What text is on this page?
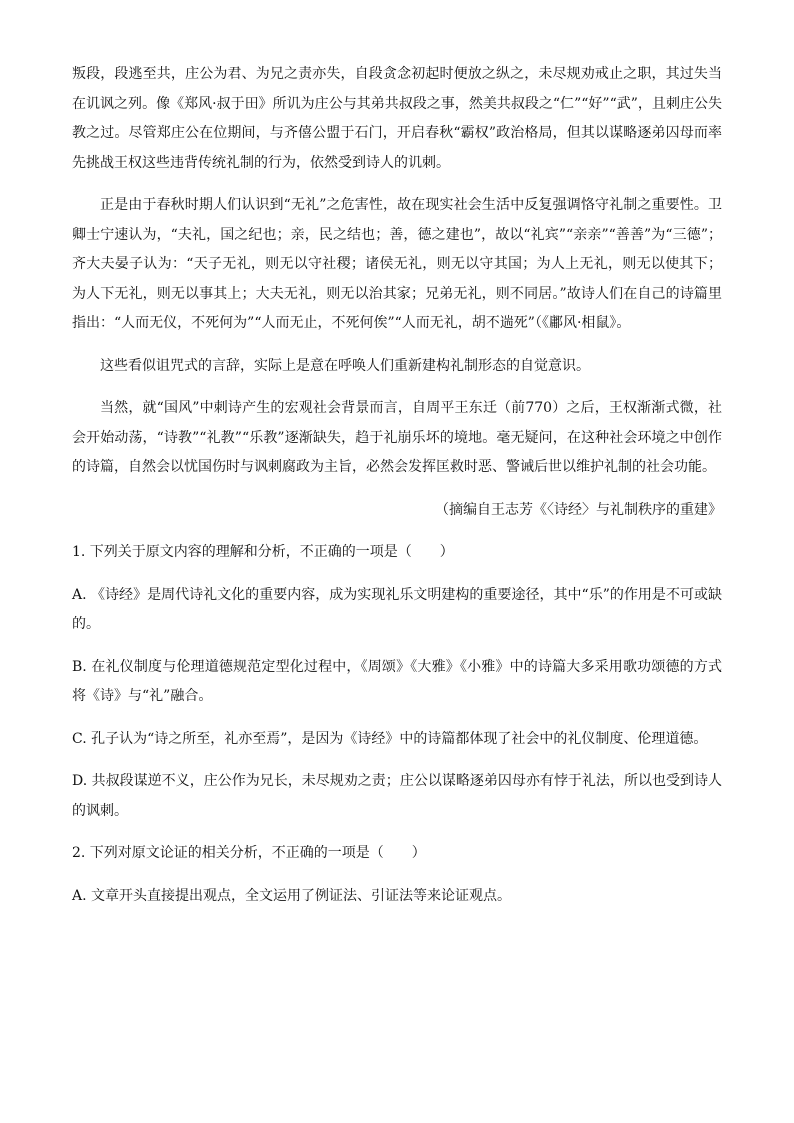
叛段，段逃至共，庄公为君、为兄之责亦失，自段贪念初起时便放之纵之，未尽规劝戒止之职，其过失当在讥讽之列。像《郑风·叔于田》所讥为庄公与其弟共叔段之事，然美共叔段之“仁”“好”“武”，且刺庄公失教之过。尽管郑庄公在位期间，与齐僖公盟于石门，开启春秋“霸权”政治格局，但其以谋略逐弟囚母而率先挑战王权这些违背传统礼制的行为，依然受到诗人的讥刺。

正是由于春秋时期人们认识到“无礼”之危害性，故在现实社会生活中反复强调恪守礼制之重要性。卫卿士宁速认为，“夫礼，国之纪也；亲，民之结也；善，德之建也”，故以“礼宾”“亲亲”“善善”为“三德”；齐大夫晏子认为：“天子无礼，则无以守社稷；诸侯无礼，则无以守其国；为人上无礼，则无以使其下；为人下无礼，则无以事其上；大夫无礼，则无以治其家；兄弟无礼，则不同居。”故诗人们在自己的诗篇里指出：“人而无仪，不死何为”“人而无止，不死何俟”“人而无礼，胡不遄死”（《鄘风·相鼠》。

这些看似诅咒式的言辞，实际上是意在呼唤人们重新建构礼制形态的自觉意识。

当然，就“国风”中刺诗产生的宏观社会背景而言，自周平王东迁（前770）之后，王权渐渐式微，社会开始动荡，“诗教”“礼教”“乐教”逐渐缺失，趋于礼崩乐坏的境地。毫无疑问，在这种社会环境之中创作的诗篇，自然会以忧国伤时与讽刺腐政为主旨，必然会发挥匡救时恶、警诫后世以维护礼制的社会功能。

（摘编自王志芳《〈诗经〉与礼制秩序的重建》

1. 下列关于原文内容的理解和分析，不正确的一项是（　　）

A. 《诗经》是周代诗礼文化的重要内容，成为实现礼乐文明建构的重要途径，其中“乐”的作用是不可或缺的。

B. 在礼仪制度与伦理道德规范定型化过程中，《周颂》《大雅》《小雅》中的诗篇大多采用歌功颂德的方式将《诗》与“礼”融合。

C. 孔子认为“诗之所至，礼亦至焉”，是因为《诗经》中的诗篇都体现了社会中的礼仪制度、伦理道德。

D. 共叔段谋逆不义，庄公作为兄长，未尽规劝之责；庄公以谋略逐弟囚母亦有悖于礼法，所以也受到诗人的讽刺。

2. 下列对原文论证的相关分析，不正确的一项是（　　）

A. 文章开头直接提出观点，全文运用了例证法、引证法等来论证观点。
